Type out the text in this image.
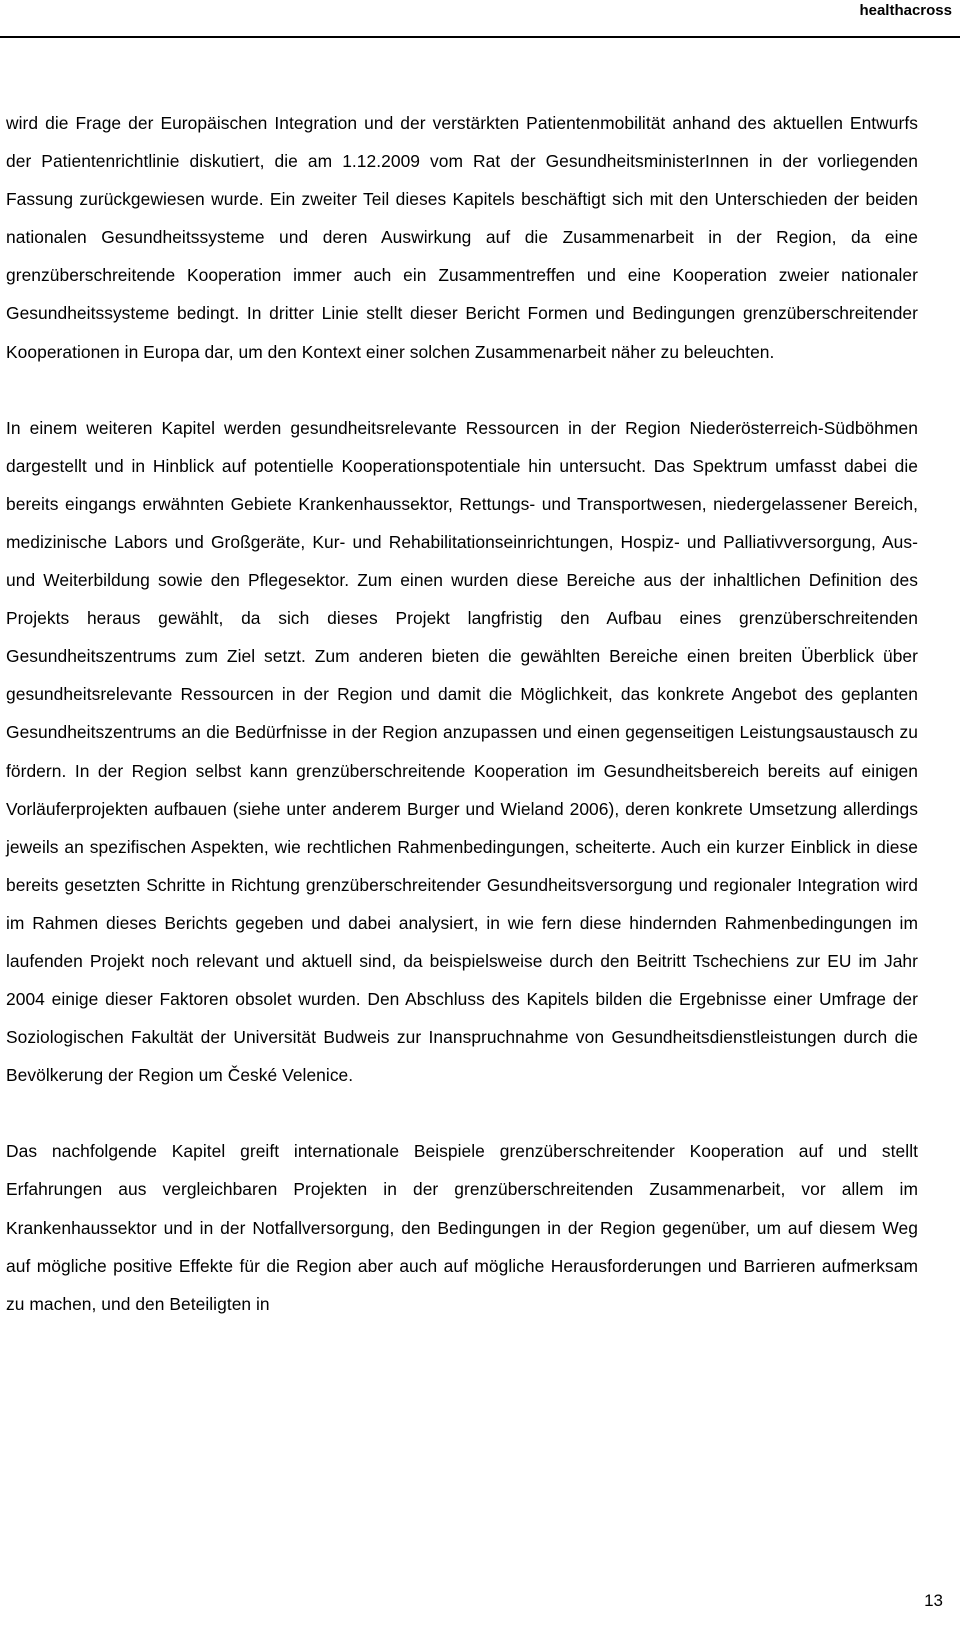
healthacross

wird die Frage der Europäischen Integration und der verstärkten Patientenmobilität anhand des aktuellen Entwurfs der Patientenrichtlinie diskutiert, die am 1.12.2009 vom Rat der GesundheitsministerInnen in der vorliegenden Fassung zurückgewiesen wurde. Ein zweiter Teil dieses Kapitels beschäftigt sich mit den Unterschieden der beiden nationalen Gesundheitssysteme und deren Auswirkung auf die Zusammenarbeit in der Region, da eine grenzüberschreitende Kooperation immer auch ein Zusammentreffen und eine Kooperation zweier nationaler Gesundheitssysteme bedingt. In dritter Linie stellt dieser Bericht Formen und Bedingungen grenzüberschreitender Kooperationen in Europa dar, um den Kontext einer solchen Zusammenarbeit näher zu beleuchten.

In einem weiteren Kapitel werden gesundheitsrelevante Ressourcen in der Region Niederösterreich-Südböhmen dargestellt und in Hinblick auf potentielle Kooperationspotentiale hin untersucht. Das Spektrum umfasst dabei die bereits eingangs erwähnten Gebiete Krankenhaussektor, Rettungs- und Transportwesen, niedergelassener Bereich, medizinische Labors und Großgeräte, Kur- und Rehabilitationseinrichtungen, Hospiz- und Palliativversorgung, Aus- und Weiterbildung sowie den Pflegesektor. Zum einen wurden diese Bereiche aus der inhaltlichen Definition des Projekts heraus gewählt, da sich dieses Projekt langfristig den Aufbau eines grenzüberschreitenden Gesundheitszentrums zum Ziel setzt. Zum anderen bieten die gewählten Bereiche einen breiten Überblick über gesundheitsrelevante Ressourcen in der Region und damit die Möglichkeit, das konkrete Angebot des geplanten Gesundheitszentrums an die Bedürfnisse in der Region anzupassen und einen gegenseitigen Leistungsaustausch zu fördern. In der Region selbst kann grenzüberschreitende Kooperation im Gesundheitsbereich bereits auf einigen Vorläuferprojekten aufbauen (siehe unter anderem Burger und Wieland 2006), deren konkrete Umsetzung allerdings jeweils an spezifischen Aspekten, wie rechtlichen Rahmenbedingungen, scheiterte. Auch ein kurzer Einblick in diese bereits gesetzten Schritte in Richtung grenzüberschreitender Gesundheitsversorgung und regionaler Integration wird im Rahmen dieses Berichts gegeben und dabei analysiert, in wie fern diese hindernden Rahmenbedingungen im laufenden Projekt noch relevant und aktuell sind, da beispielsweise durch den Beitritt Tschechiens zur EU im Jahr 2004 einige dieser Faktoren obsolet wurden. Den Abschluss des Kapitels bilden die Ergebnisse einer Umfrage der Soziologischen Fakultät der Universität Budweis zur Inanspruchnahme von Gesundheitsdienstleistungen durch die Bevölkerung der Region um České Velenice.

Das nachfolgende Kapitel greift internationale Beispiele grenzüberschreitender Kooperation auf und stellt Erfahrungen aus vergleichbaren Projekten in der grenzüberschreitenden Zusammenarbeit, vor allem im Krankenhaussektor und in der Notfallversorgung, den Bedingungen in der Region gegenüber, um auf diesem Weg auf mögliche positive Effekte für die Region aber auch auf mögliche Herausforderungen und Barrieren aufmerksam zu machen, und den Beteiligten in

13
